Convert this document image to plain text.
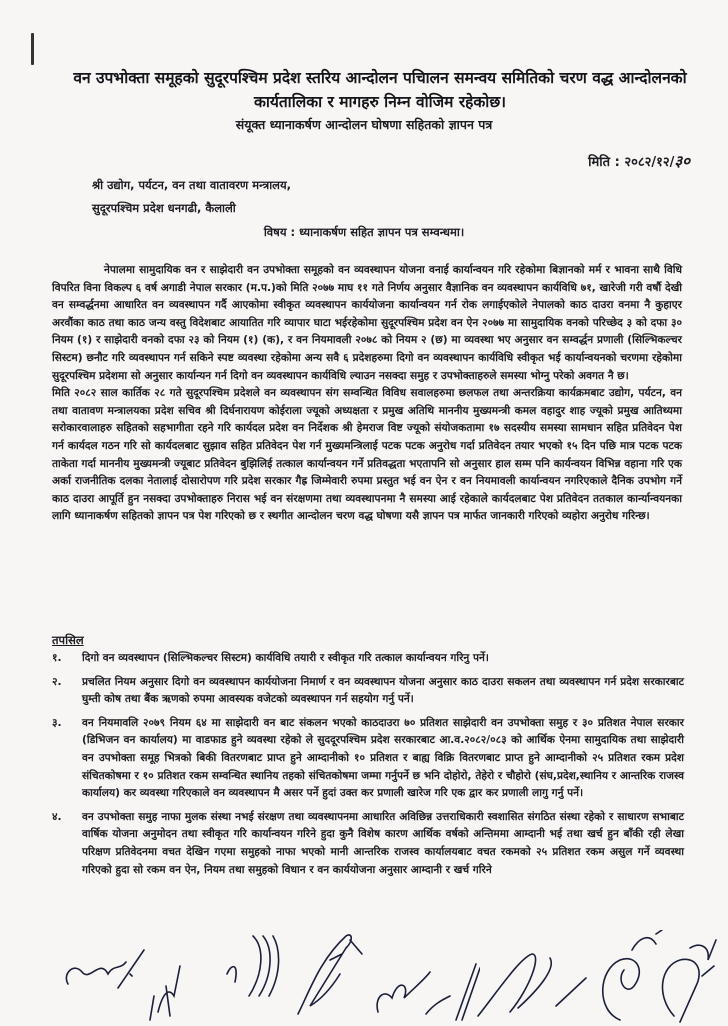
वन उपभोक्ता समूहको सुदूरपश्चिम प्रदेश स्तरिय आन्दोलन पचािलन समन्वय समितिको चरण वद्ध आन्दोलनको कार्यतालिका र मागहरु निम्न वोजिम रहेकोछ।
संयूक्त ध्यानाकर्षण आन्दोलन घोषणा सहितको ज्ञापन पत्र
मिति : २०८२/१२/३०
श्री उद्योग, पर्यटन, वन तथा वातावरण मन्त्रालय,
सुदूरपश्चिम प्रदेश धनगढी, कैलाली
विषय : ध्यानाकर्षण सहित ज्ञापन पत्र सम्वन्धमा।

नेपालमा सामुदायिक वन र साझेदारी वन उपभोक्ता समूहको वन व्यवस्थापन योजना वनाई कार्यान्वयन गरि रहेकोमा बिज्ञानको मर्म र भावना साथै विधि विपरित विना विकल्प ६ वर्ष अगाडी नेपाल सरकार (म.प.)को मिति २०७७ माघ ११ गते निर्णय अनुसार वैज्ञानिक वन व्यवस्थापन कार्यविधि ७१, खारेजी गरी वर्षौ देखी वन सम्वर्द्धनमा आधारित वन व्यवस्थापन गर्दै आएकोमा स्वीकृत व्यवस्थापन कार्ययोजना कार्यान्वयन गर्न रोक लगाईएकोले नेपालको काठ दाउरा वनमा नै कुहाएर अरवौंका काठ तथा काठ जन्य वस्तु विदेशबाट आयातित गरि व्यापार घाटा भईरहेकोमा सुदूरपश्चिम प्रदेश वन ऐन २०७७ मा सामुदायिक वनको परिच्छेद ३ को दफा ३० नियम (१) र साझेदारी वनको दफा २३ को नियम (१) (क), र वन नियमावली २०७८ को नियम २ (छ) मा व्यवस्था भए अनुसार वन सम्वर्द्धन प्रणाली (सिल्भिकल्चर सिस्टम) छनौट गरि व्यवस्थापन गर्न सकिने स्पष्ट व्यवस्था रहेकोमा अन्य सवै ६ प्रदेशहरुमा दिगो वन व्यवस्थापन कार्यविधि स्वीकृत भई कार्यान्वयनको चरणमा रहेकोमा सुदूरपश्चिम प्रदेशमा सो अनुसार कार्यान्यन गर्न दिगो वन व्यवस्थापन कार्यविधि ल्याउन नसक्दा समुह र उपभोक्ताहरुले समस्या भोग्नु परेको अवगत नै छ।

मिति २०८२ साल कार्तिक २८ गते सुदूरपश्चिम प्रदेशले वन व्यवस्थापन संग सम्वन्धित विविध सवालहरुमा छलफल तथा अन्तरक्रिया कार्यक्रमबाट उद्योग, पर्यटन, वन तथा वातावण मन्त्रालयका प्रदेश सचिव श्री दिर्घनारायण कोईराला ज्यूको अध्यक्षता र प्रमुख अतिथि माननीय मुख्यमन्त्री कमल वहादुर शाह ज्यूको प्रमुख आतिथ्यमा सरोकारवालाहरु सहितको सहभागीता रहने गरि कार्यदल प्रदेश वन निर्देशक श्री हेमराज विष्ट ज्यूको संयोजकतामा १७ सदस्यीय समस्या सामधान सहित प्रतिवेदन पेश गर्न कार्यदल गठन गरि सो कार्यदलबाट सुझाव सहित प्रतिवेदन पेश गर्न मुख्यमन्त्रिलाई पटक पटक अनुरोध गर्दा प्रतिवेदन तयार भएको १५ दिन पछि मात्र पटक पटक ताकेता गर्दा माननीय मुख्यमन्त्री ज्यूबाट प्रतिवेदन बुझिलिई तत्काल कार्यान्वयन गर्ने प्रतिवद्धता भएतापनि सो अनुसार हाल सम्म पनि कार्यन्वयन विभिन्न वहाना गरि एक अर्का राजनीतिक दलका नेतालाई दोसारोपण गरि प्रदेश सरकार गैह्र जिम्मेवारी रुपमा प्रस्तुत भई वन ऐन र वन नियमावली कार्यान्वयन नगरिएकाले दैनिक उपभोग गर्ने काठ दाउरा आपूर्ति हुन नसक्दा उपभोक्ताहरु निरास भई वन संरक्षणमा तथा व्यवस्थापनमा नै समस्या आई रहेकाले कार्यदलबाट पेश प्रतिवेदन ततकाल कार्न्यान्वयनका लागि ध्यानाकर्षण सहितको ज्ञापन पत्र पेश गरिएको छ र स्थगीत आन्दोलन चरण वद्ध घोषणा यसै ज्ञापन पत्र मार्फत जानकारी गरिएको व्यहोरा अनुरोध गरिन्छ।

तपसिल
१.	दिगो वन व्यवस्थापन (सिल्भिकल्चर सिस्टम) कार्यविधि तयारी र स्वीकृत गरि तत्काल कार्यान्वयन गरिनु पर्ने।
२.	प्रचलित नियम अनुसार दिगो वन व्यवस्थापन कार्ययोजना निमार्ण र वन व्यवस्थापन योजना अनुसार काठ दाउरा सकलन तथा व्यवस्थापन गर्न प्रदेश सरकारबाट घुम्ती कोष तथा बैंक ऋणको रुपमा आवस्यक वजेटको व्यवस्थापन गर्न सहयोग गर्नु पर्ने।
३.	वन नियमावलि २०७९ नियम ६४ मा साझेदारी वन बाट संकलन भएको काठदाउरा ७० प्रतिशत साझेदारी वन उपभोक्ता समुह र ३० प्रतिशत नेपाल सरकार (डिभिजन वन कार्यालय) मा वाडफाड हुने व्यवस्था रहेको ले सुददूरपश्चिम प्रदेश सरकारबाट आ.व.२०८२/०८३ को आर्थिक ऐनमा सामुदायिक तथा साझेदारी वन उपभोक्ता समूह भित्रको बिकी वितरणबाट प्राप्त हुने आम्दानीको १० प्रतिशत र बाह्य विक्रि वितरणबाट प्राप्त हुने आम्दानीको २५ प्रतिशत रकम प्रदेश संचितकोषमा र १० प्रतिशत रकम सम्वन्धित स्थानिय तहको संचितकोषमा जम्मा गर्नुपर्ने छ भनि दोहोरो, तेहेरो र चौहोरो (संघ,प्रदेश,स्थानिय र आन्तरिक राजस्व कार्यालय) कर व्यवस्था गरिएकाले वन व्यवस्थापन मै असर पर्ने हुदां उक्त कर प्रणाली खारेज गरि एक द्वार कर प्रणाली लागु गर्नु पर्ने।
४.	वन उपभोक्ता समुह नाफा मुलक संस्था नभई संरक्षण तथा व्यवस्थापनमा आधारित अविछिन्न उत्तराधिकारी स्वशासित संगठित संस्था रहेको र साधारण सभाबाट वार्षिक योजना अनुमोदन तथा स्वीकृत गरि कार्यान्वयन गरिने हुदा कुनै विशेष कारण आर्थिक वर्षको अन्तिममा आम्दानी भई तथा खर्च हुन बाँकी रही लेखा परिक्षण प्रतिवेदनमा वचत देखिन गएमा समुहको नाफा भएको मानी आन्तरिक राजस्व कार्यालयबाट वचत रकमको २५ प्रतिशत रकम असुल गर्ने व्यवस्था गरिएको हुदा सो रकम वन ऐन, नियम तथा समुहको विधान र वन कार्ययोजना अनुसार आम्दानी र खर्च गरिने
